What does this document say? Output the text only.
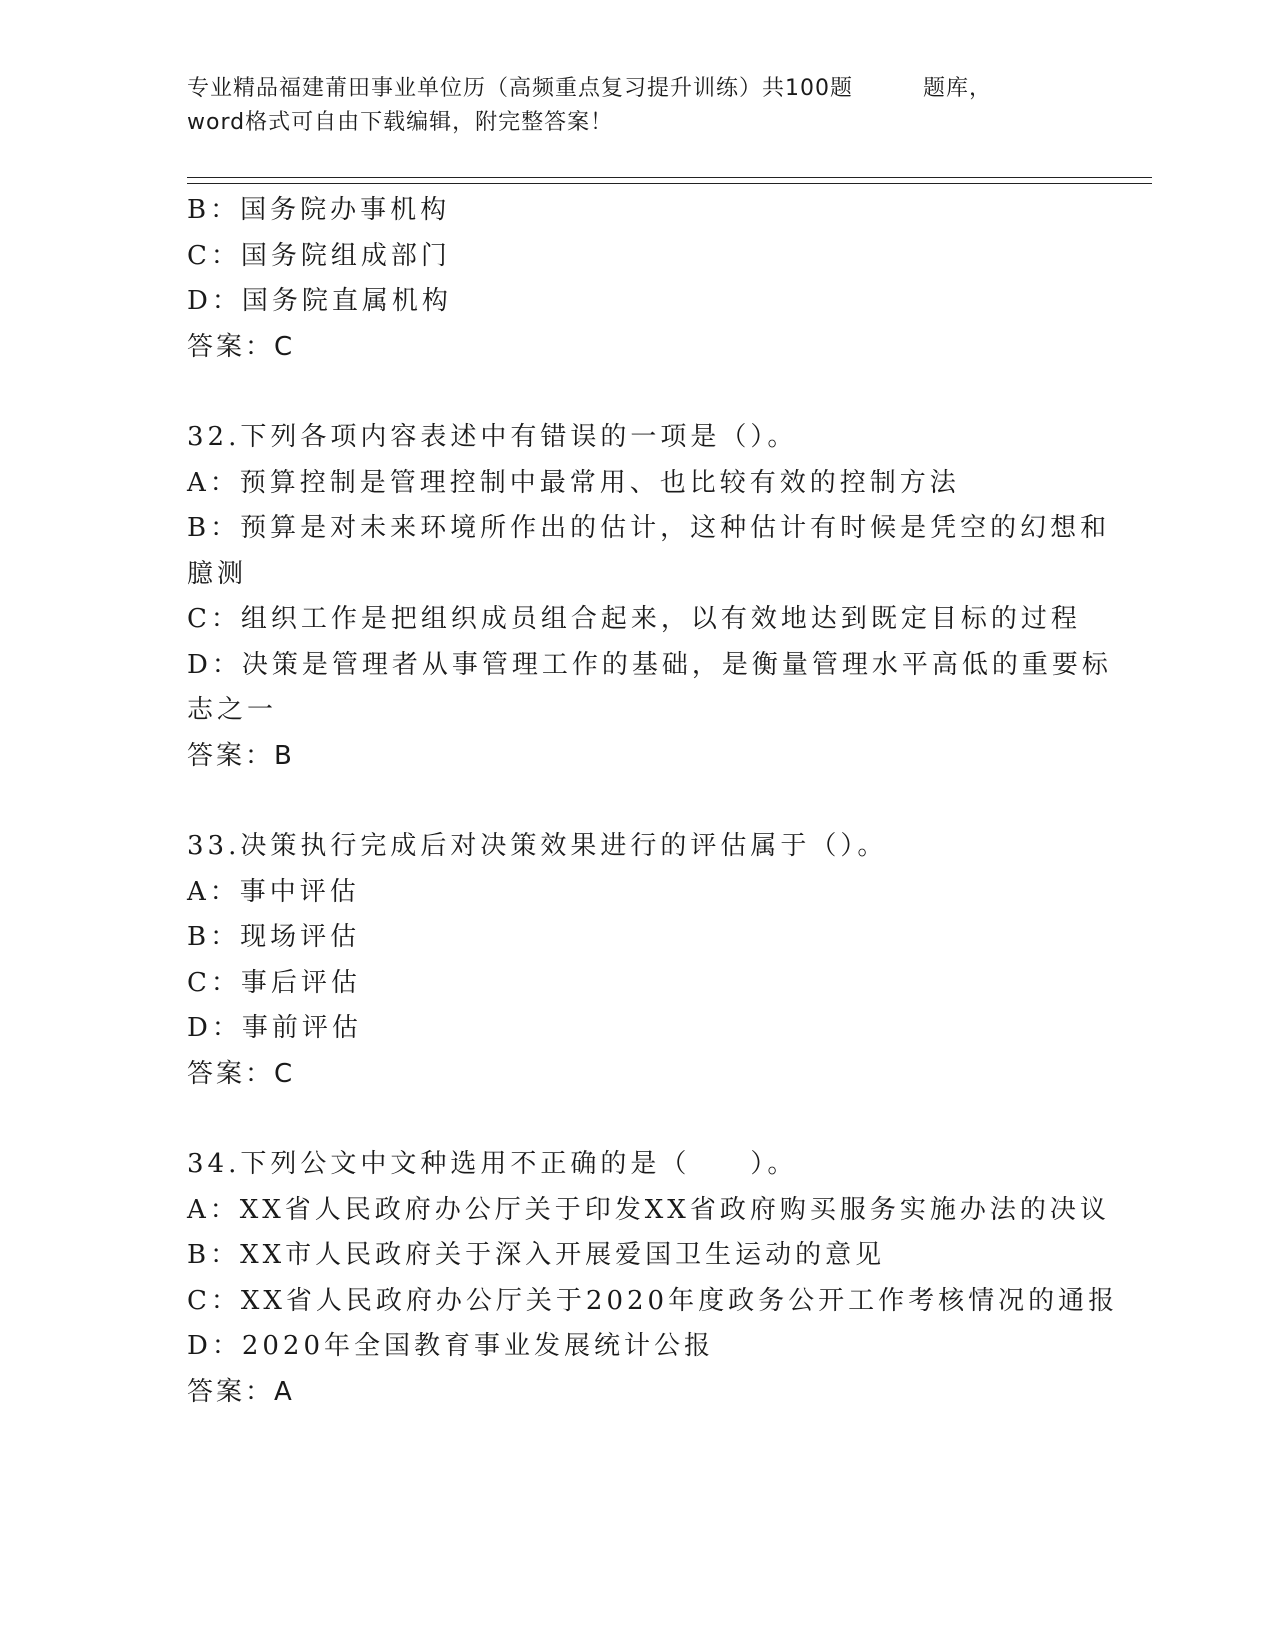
专业精品福建莆田事业单位历（高频重点复习提升训练）共100题	题库，
word格式可自由下载编辑，附完整答案！
B：国务院办事机构
C：国务院组成部门
D：国务院直属机构
答案：C
32.下列各项内容表述中有错误的一项是（）。
A：预算控制是管理控制中最常用、也比较有效的控制方法
B：预算是对未来环境所作出的估计，这种估计有时候是凭空的幻想和
臆测
C：组织工作是把组织成员组合起来，以有效地达到既定目标的过程
D：决策是管理者从事管理工作的基础，是衡量管理水平高低的重要标
志之一
答案：B
33.决策执行完成后对决策效果进行的评估属于（）。
A：事中评估
B：现场评估
C：事后评估
D：事前评估
答案：C
34.下列公文中文种选用不正确的是（　　）。
A：XX省人民政府办公厅关于印发XX省政府购买服务实施办法的决议
B：XX市人民政府关于深入开展爱国卫生运动的意见
C：XX省人民政府办公厅关于2020年度政务公开工作考核情况的通报
D：2020年全国教育事业发展统计公报
答案：A
